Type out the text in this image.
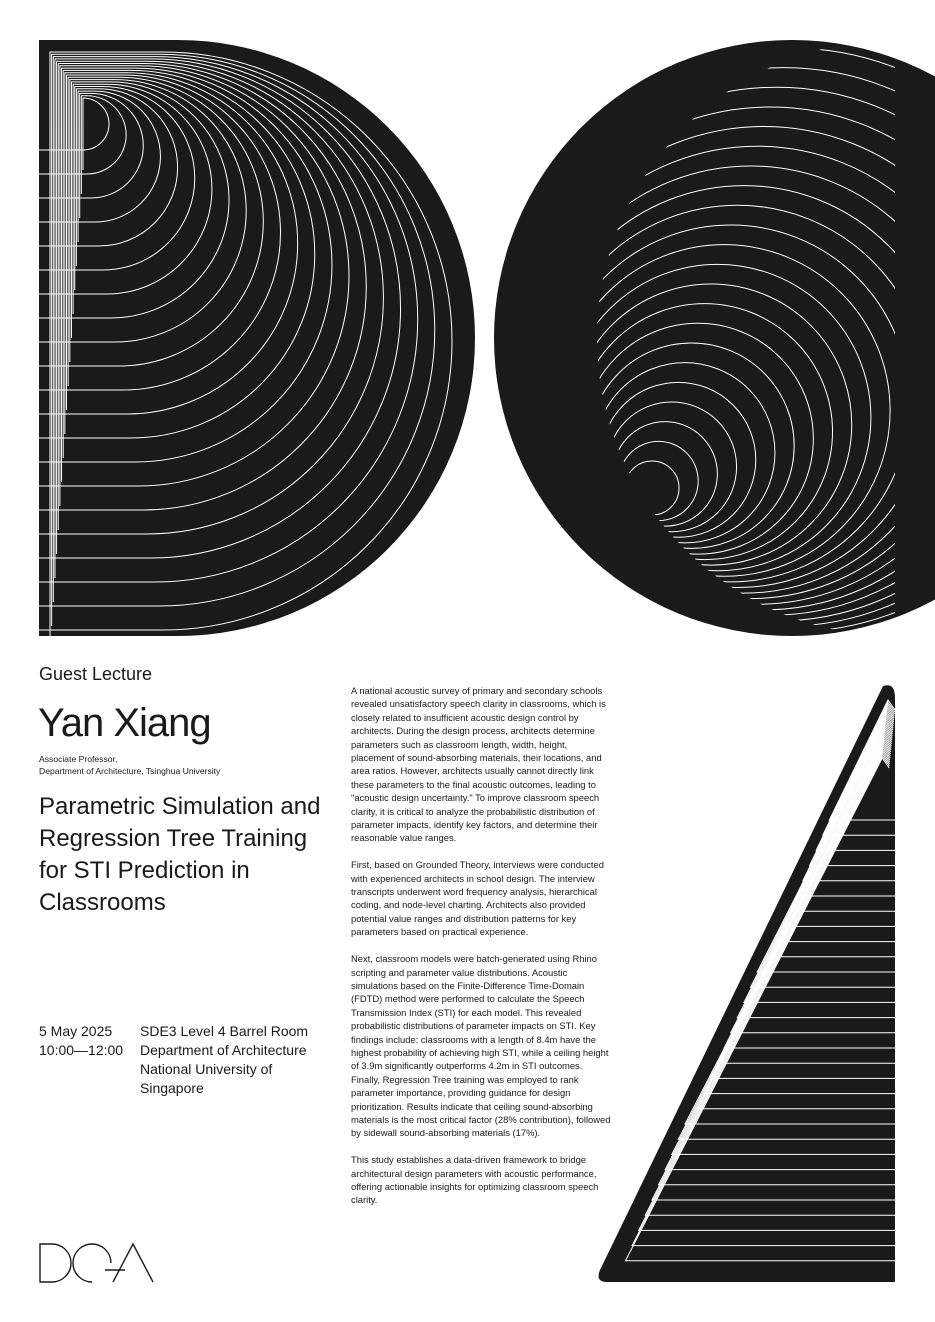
Guest Lecture
Yan Xiang
Associate Professor,
Department of Architecture, Tsinghua University
Parametric Simulation and Regression Tree Training for STI Prediction in Classrooms
5 May 2025
10:00—12:00
SDE3 Level 4 Barrel Room
Department of Architecture
National University of Singapore

A national acoustic survey of primary and secondary schools revealed unsatisfactory speech clarity in classrooms, which is closely related to insufficient acoustic design control by architects. During the design process, architects determine parameters such as classroom length, width, height, placement of sound-absorbing materials, their locations, and area ratios. However, architects usually cannot directly link these parameters to the final acoustic outcomes, leading to "acoustic design uncertainty." To improve classroom speech clarity, it is critical to analyze the probabilistic distribution of parameter impacts, identify key factors, and determine their reasonable value ranges.

First, based on Grounded Theory, interviews were conducted with experienced architects in school design. The interview transcripts underwent word frequency analysis, hierarchical coding, and node-level charting. Architects also provided potential value ranges and distribution patterns for key parameters based on practical experience.

Next, classroom models were batch-generated using Rhino scripting and parameter value distributions. Acoustic simulations based on the Finite-Difference Time-Domain (FDTD) method were performed to calculate the Speech Transmission Index (STI) for each model. This revealed probabilistic distributions of parameter impacts on STI. Key findings include: classrooms with a length of 8.4m have the highest probability of achieving high STI, while a ceiling height of 3.9m significantly outperforms 4.2m in STI outcomes. Finally, Regression Tree training was employed to rank parameter importance, providing guidance for design prioritization. Results indicate that ceiling sound-absorbing materials is the most critical factor (28% contribution), followed by sidewall sound-absorbing materials (17%).

This study establishes a data-driven framework to bridge architectural design parameters with acoustic performance, offering actionable insights for optimizing classroom speech clarity.
